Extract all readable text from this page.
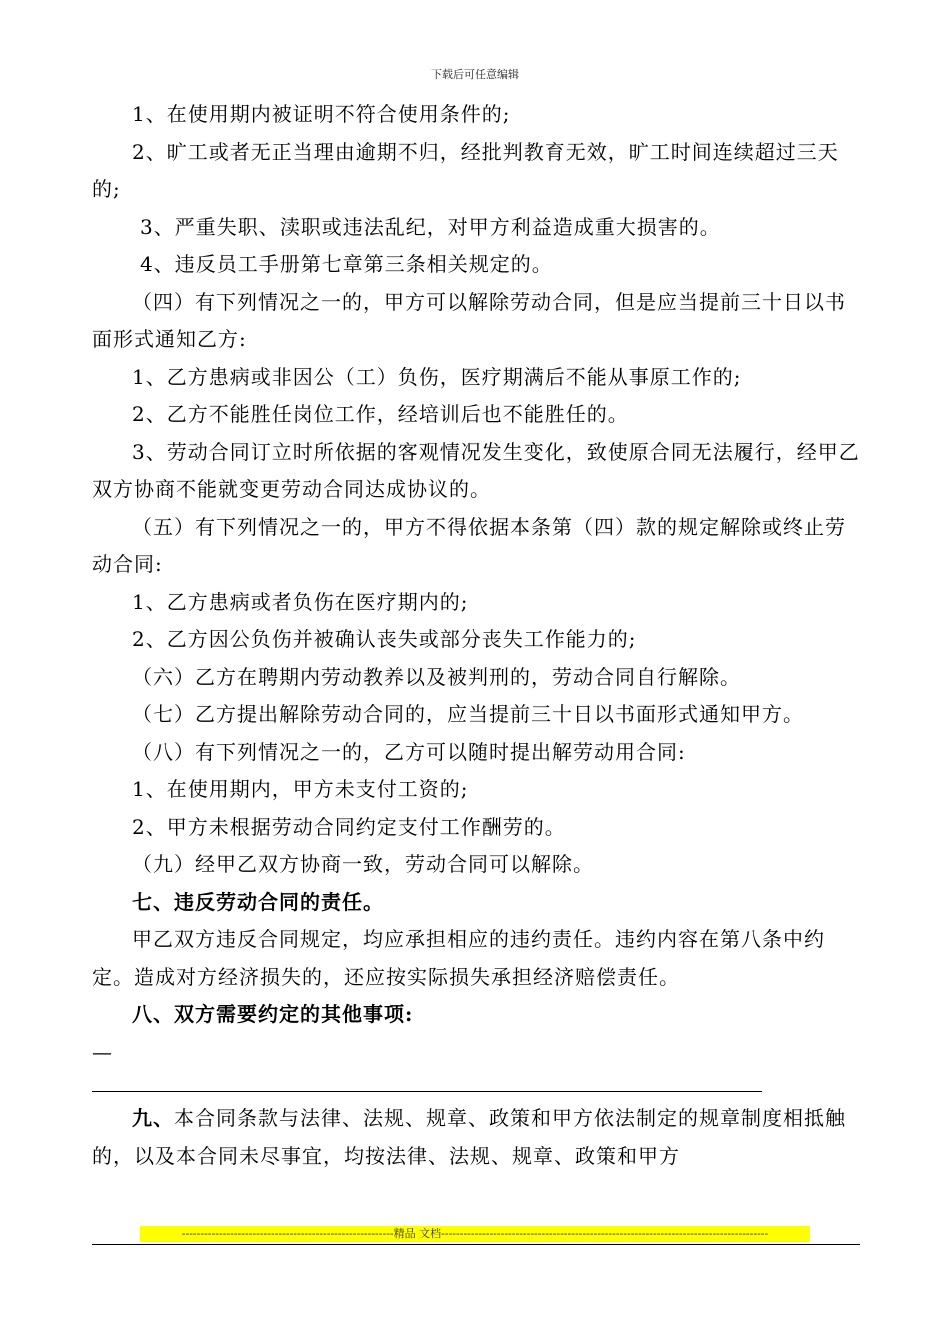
下载后可任意编辑

1、在使用期内被证明不符合使用条件的;

2、旷工或者无正当理由逾期不归，经批判教育无效，旷工时间连续超过三天的;

3、严重失职、渎职或违法乱纪，对甲方利益造成重大损害的。

4、违反员工手册第七章第三条相关规定的。

（四）有下列情况之一的，甲方可以解除劳动合同，但是应当提前三十日以书面形式通知乙方:

1、乙方患病或非因公（工）负伤，医疗期满后不能从事原工作的;

2、乙方不能胜任岗位工作，经培训后也不能胜任的。

3、劳动合同订立时所依据的客观情况发生变化，致使原合同无法履行，经甲乙双方协商不能就变更劳动合同达成协议的。

（五）有下列情况之一的，甲方不得依据本条第（四）款的规定解除或终止劳动合同:

1、乙方患病或者负伤在医疗期内的;

2、乙方因公负伤并被确认丧失或部分丧失工作能力的;

（六）乙方在聘期内劳动教养以及被判刑的，劳动合同自行解除。

（七）乙方提出解除劳动合同的，应当提前三十日以书面形式通知甲方。

（八）有下列情况之一的，乙方可以随时提出解劳动用合同:

1、在使用期内，甲方未支付工资的;

2、甲方未根据劳动合同约定支付工作酬劳的。

（九）经甲乙双方协商一致，劳动合同可以解除。

七、违反劳动合同的责任。

甲乙双方违反合同规定，均应承担相应的违约责任。违约内容在第八条中约定。造成对方经济损失的，还应按实际损失承担经济赔偿责任。

八、双方需要约定的其他事项:

—

九、本合同条款与法律、法规、规章、政策和甲方依法制定的规章制度相抵触的，以及本合同未尽事宜，均按法律、法规、规章、政策和甲方

---------------------------------------------------------精品 文档----------------------------------------------------------------------------------------
